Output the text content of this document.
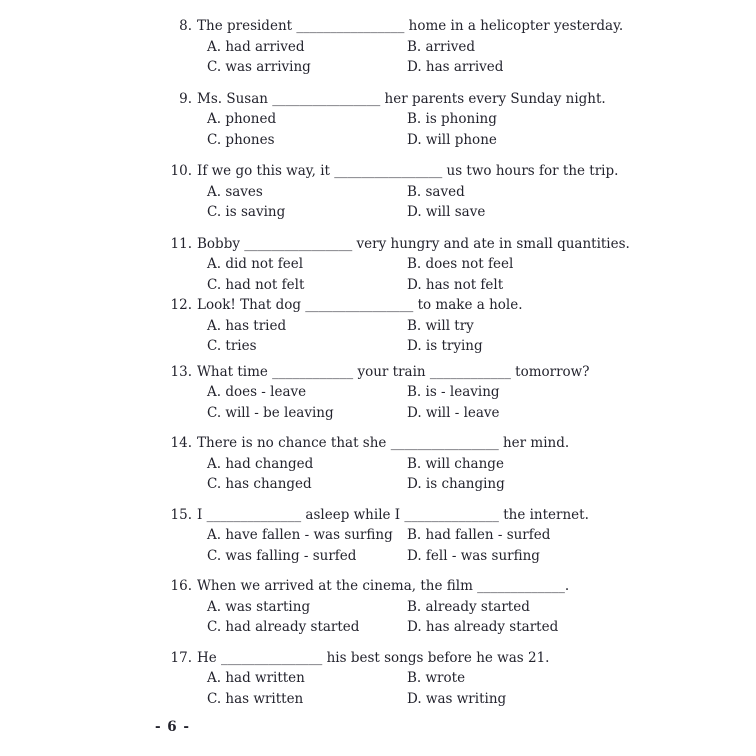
8. The president ________________ home in a helicopter yesterday.
A. had arrived	B. arrived
C. was arriving	D. has arrived
9. Ms. Susan ________________ her parents every Sunday night.
A. phoned	B. is phoning
C. phones	D. will phone
10. If we go this way, it ________________ us two hours for the trip.
A. saves	B. saved
C. is saving	D. will save
11. Bobby ________________ very hungry and ate in small quantities.
A. did not feel	B. does not feel
C. had not felt	D. has not felt
12. Look! That dog ________________ to make a hole.
A. has tried	B. will try
C. tries	D. is trying
13. What time ____________ your train ____________ tomorrow?
A. does - leave	B. is - leaving
C. will - be leaving	D. will - leave
14. There is no chance that she ________________ her mind.
A. had changed	B. will change
C. has changed	D. is changing
15. I ______________ asleep while I ______________ the internet.
A. have fallen - was surfing B. had fallen - surfed
C. was falling - surfed	D. fell - was surfing
16. When we arrived at the cinema, the film _____________.
A. was starting	B. already started
C. had already started	D. has already started
17. He _______________ his best songs before he was 21.
A. had written	B. wrote
C. has written	D. was writing
- 6 -
